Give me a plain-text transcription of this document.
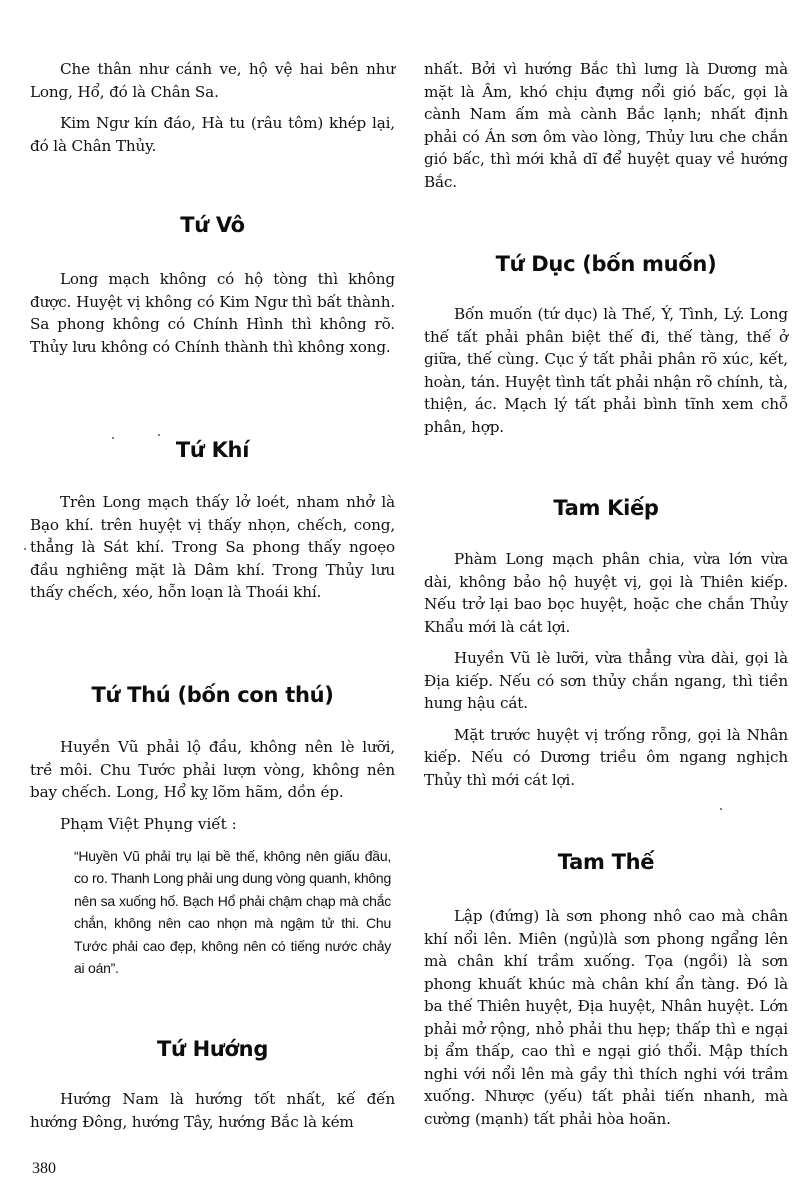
Che thân như cánh ve, hộ vệ hai bên như Long, Hổ, đó là Chân Sa.

Kim Ngư kín đáo, Hà tu (râu tôm) khép lại, đó là Chân Thủy.

Tứ Vô

Long mạch không có hộ tòng thì không được. Huyệt vị không có Kim Ngư thì bất thành. Sa phong không có Chính Hình thì không rõ. Thủy lưu không có Chính thành thì không xong.

Tứ Khí

Trên Long mạch thấy lở loét, nham nhở là Bạo khí. trên huyệt vị thấy nhọn, chếch, cong, thẳng là Sát khí. Trong Sa phong thấy ngoẹo đầu nghiêng mặt là Dâm khí. Trong Thủy lưu thấy chếch, xéo, hỗn loạn là Thoái khí.

Tứ Thú (bốn con thú)

Huyền Vũ phải lộ đầu, không nên lè lưỡi, trề môi. Chu Tước phải lượn vòng, không nên bay chếch. Long, Hổ kỵ lõm hãm, dồn ép.

Phạm Việt Phụng viết :

“Huyền Vũ phải trụ lại bề thế, không nên giấu đầu, co ro. Thanh Long phải ung dung vòng quanh, không nên sa xuống hố. Bạch Hổ phải chậm chạp mà chắc chắn, không nên cao nhọn mà ngậm tử thi. Chu Tước phải cao đẹp, không nên có tiếng nước chảy ai oán”.

Tứ Hướng

Hướng Nam là hướng tốt nhất, kế đến hướng Đông, hướng Tây, hướng Bắc là kém

nhất. Bởi vì hướng Bắc thì lưng là Dương mà mặt là Âm, khó chịu đựng nổi gió bấc, gọi là cành Nam ấm mà cành Bắc lạnh; nhất định phải có Án sơn ôm vào lòng, Thủy lưu che chắn gió bấc, thì mới khả dĩ để huyệt quay về hướng Bắc.

Tứ Dục (bốn muốn)

Bốn muốn (tứ dục) là Thế, Ý, Tình, Lý. Long thế tất phải phân biệt thế đi, thế tàng, thế ở giữa, thế cùng. Cục ý tất phải phân rõ xúc, kết, hoàn, tán. Huyệt tình tất phải nhận rõ chính, tà, thiện, ác. Mạch lý tất phải bình tĩnh xem chỗ phân, hợp.

Tam Kiếp

Phàm Long mạch phân chia, vừa lớn vừa dài, không bảo hộ huyệt vị, gọi là Thiên kiếp. Nếu trở lại bao bọc huyệt, hoặc che chắn Thủy Khẩu mới là cát lợi.

Huyền Vũ lè lưỡi, vừa thẳng vừa dài, gọi là Địa kiếp. Nếu có sơn thủy chắn ngang, thì tiền hung hậu cát.

Mặt trước huyệt vị trống rỗng, gọi là Nhân kiếp. Nếu có Dương triều ôm ngang nghịch Thủy thì mới cát lợi.

Tam Thế

Lập (đứng) là sơn phong nhô cao mà chân khí nổi lên. Miên (ngủ)là sơn phong ngẩng lên mà chân khí trầm xuống. Tọa (ngồi) là sơn phong khuất khúc mà chân khí ẩn tàng. Đó là ba thế Thiên huyệt, Địa huyệt, Nhân huyệt. Lớn phải mở rộng, nhỏ phải thu hẹp; thấp thì e ngại bị ẩm thấp, cao thì e ngại gió thổi. Mập thích nghi với nổi lên mà gầy thì thích nghi với trầm xuống. Nhược (yếu) tất phải tiến nhanh, mà cường (mạnh) tất phải hòa hoãn.

380
